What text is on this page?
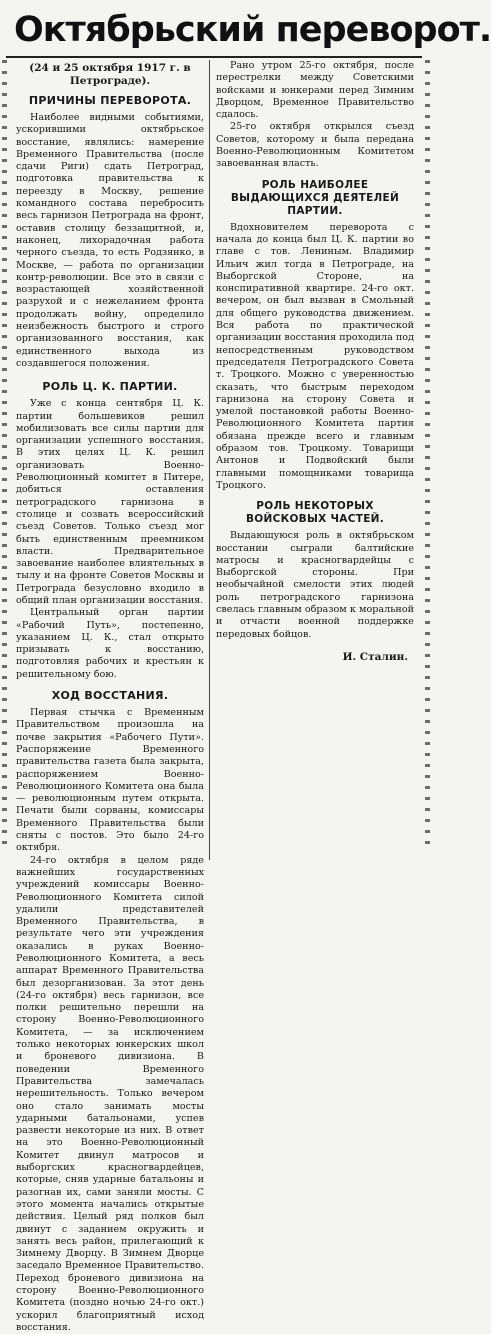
Октябрьский переворот.

(24 и 25 октября 1917 г. в Петрограде).

ПРИЧИНЫ ПЕРЕВОРОТА.

Наиболее видными событиями, ускорившими октябрьское восстание, являлись: намерение Временного Правительства (после сдачи Риги) сдать Петроград, подготовка правительства к переезду в Москву, решение командного состава перебросить весь гарнизон Петрограда на фронт, оставив столицу беззащитной, и, наконец, лихорадочная работа черного съезда, то есть Родзянко, в Москве, — работа по организации контр-революции. Все это в связи с возрастающей хозяйственной разрухой и с нежеланием фронта продолжать войну, определило неизбежность быстрого и строго организованного восстания, как единственного выхода из создавшегося положения.

РОЛЬ Ц. К. ПАРТИИ.

Уже с конца сентября Ц. К. партии большевиков решил мобилизовать все силы партии для организации успешного восстания. В этих целях Ц. К. решил организовать Военно-Революционный комитет в Питере, добиться оставления петроградского гарнизона в столице и созвать всероссийский съезд Советов. Только съезд мог быть единственным преемником власти. Предварительное завоевание наиболее влиятельных в тылу и на фронте Советов Москвы и Петрограда безусловно входило в общий план организации восстания.

Центральный орган партии «Рабочий Путь», постепенно, указанием Ц. К., стал открыто призывать к восстанию, подготовляя рабочих и крестьян к решительному бою.

ХОД ВОССТАНИЯ.

Первая стычка с Временным Правительством произошла на почве закрытия «Рабочего Пути». Распоряжение Временного правительства газета была закрыта, распоряжением Военно-Революционного Комитета она была — революционным путем открыта. Печати были сорваны, комиссары Временного Правительства были сняты с постов. Это было 24-го октября.

24-го октября в целом ряде важнейших государственных учреждений комиссары Военно-Революционного Комитета силой удалили представителей Временного Правительства, в результате чего эти учреждения оказались в руках Военно-Революционного Комитета, а весь аппарат Временного Правительства был дезорганизован. За этот день (24-го октября) весь гарнизон, все полки решительно перешли на сторону Военно-Революционного Комитета, — за исключением только некоторых юнкерских школ и броневого дивизиона. В поведении Временного Правительства замечалась нерешительность. Только вечером оно стало занимать мосты ударными батальонами, успев развести некоторые из них. В ответ на это Военно-Революционный Комитет двинул матросов и выборгских красногвардейцев, которые, сняв ударные батальоны и разогнав их, сами заняли мосты. С этого момента начались открытые действия. Целый ряд полков был двинут с заданием окружить и занять весь район, прилегающий к Зимнему Дворцу. В Зимнем Дворце заседало Временное Правительство. Переход броневого дивизиона на сторону Военно-Революционного Комитета (поздно ночью 24-го окт.) ускорил благоприятный исход восстания.

Рано утром 25-го октября, после перестрелки между Советскими войсками и юнкерами перед Зимним Дворцом, Временное Правительство сдалось.

25-го октября открылся съезд Советов, которому и была передана Военно-Революционным Комитетом завоеванная власть.

РОЛЬ НАИБОЛЕЕ ВЫДАЮЩИХСЯ ДЕЯТЕЛЕЙ ПАРТИИ.

Вдохновителем переворота с начала до конца был Ц. К. партии во главе с тов. Лениным. Владимир Ильич жил тогда в Петрограде, на Выборгской Стороне, на конспиративной квартире. 24-го окт. вечером, он был вызван в Смольный для общего руководства движением. Вся работа по практической организации восстания проходила под непосредственным руководством председателя Петроградского Совета т. Троцкого. Можно с уверенностью сказать, что быстрым переходом гарнизона на сторону Совета и умелой постановкой работы Военно-Революционного Комитета партия обязана прежде всего и главным образом тов. Троцкому. Товарищи Антонов и Подвойский были главными помощниками товарища Троцкого.

РОЛЬ НЕКОТОРЫХ ВОЙСКОВЫХ ЧАСТЕЙ.

Выдающуюся роль в октябрьском восстании сыграли балтийские матросы и красногвардейцы с Выборгской стороны. При необычайной смелости этих людей роль петроградского гарнизона свелась главным образом к моральной и отчасти военной поддержке передовых бойцов.

И. Сталин.
